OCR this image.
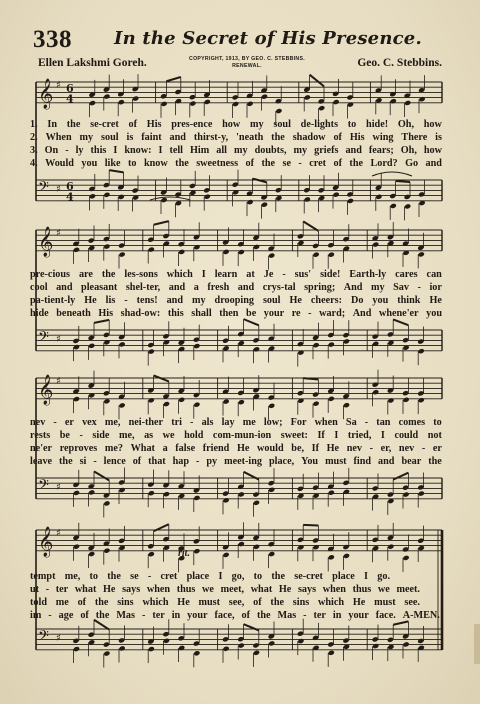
338 In the Secret of His Presence.
Ellen Lakshmi Goreh.	COPYRIGHT, 1913, BY GEO. C. STEBBINS.
RENEWAL.	Geo. C. Stebbins.
𝄞 ♯ 6
4
𝄢 ♯ 6
4
𝄞 ♯
𝄢 ♯
𝄞 ♯
𝄢 ♯
𝄞 ♯
𝄢 ♯
rit.
1. In the se-cret of His pres-ence how my soul de-lights to hide! Oh, how
2. When my soul is faint and thirst-y, 'neath the shadow of His wing There is
3. On - ly this I know: I tell Him all my doubts, my griefs and fears; Oh, how
4. Would you like to know the sweetness of the se - cret of the Lord? Go and
pre-cious are the les-sons which I learn at Je - sus' side! Earth-ly cares can
cool and pleasant shel-ter, and a fresh and crys-tal spring; And my Sav - ior
pa-tient-ly He lis - tens! and my drooping soul He cheers: Do you think He
hide beneath His shad-ow: this shall then be your re - ward; And whene'er you
nev - er vex me, nei-ther tri - als lay me low; For when Sa - tan comes to
rests be - side me, as we hold com-mun-ion sweet: If I tried, I could not
ne'er reproves me? What a false friend He would be, If He nev - er, nev - er
leave the si - lence of that hap - py meet-ing place, You must find and bear the
tempt me, to the se - cret place I go, to the se-cret place I go.
ut - ter what He says when thus we meet, what He says when thus we meet.
told me of the sins which He must see, of the sins which He must see.
im - age of the Mas - ter in your face, of the Mas - ter in your face. A-MEN.
